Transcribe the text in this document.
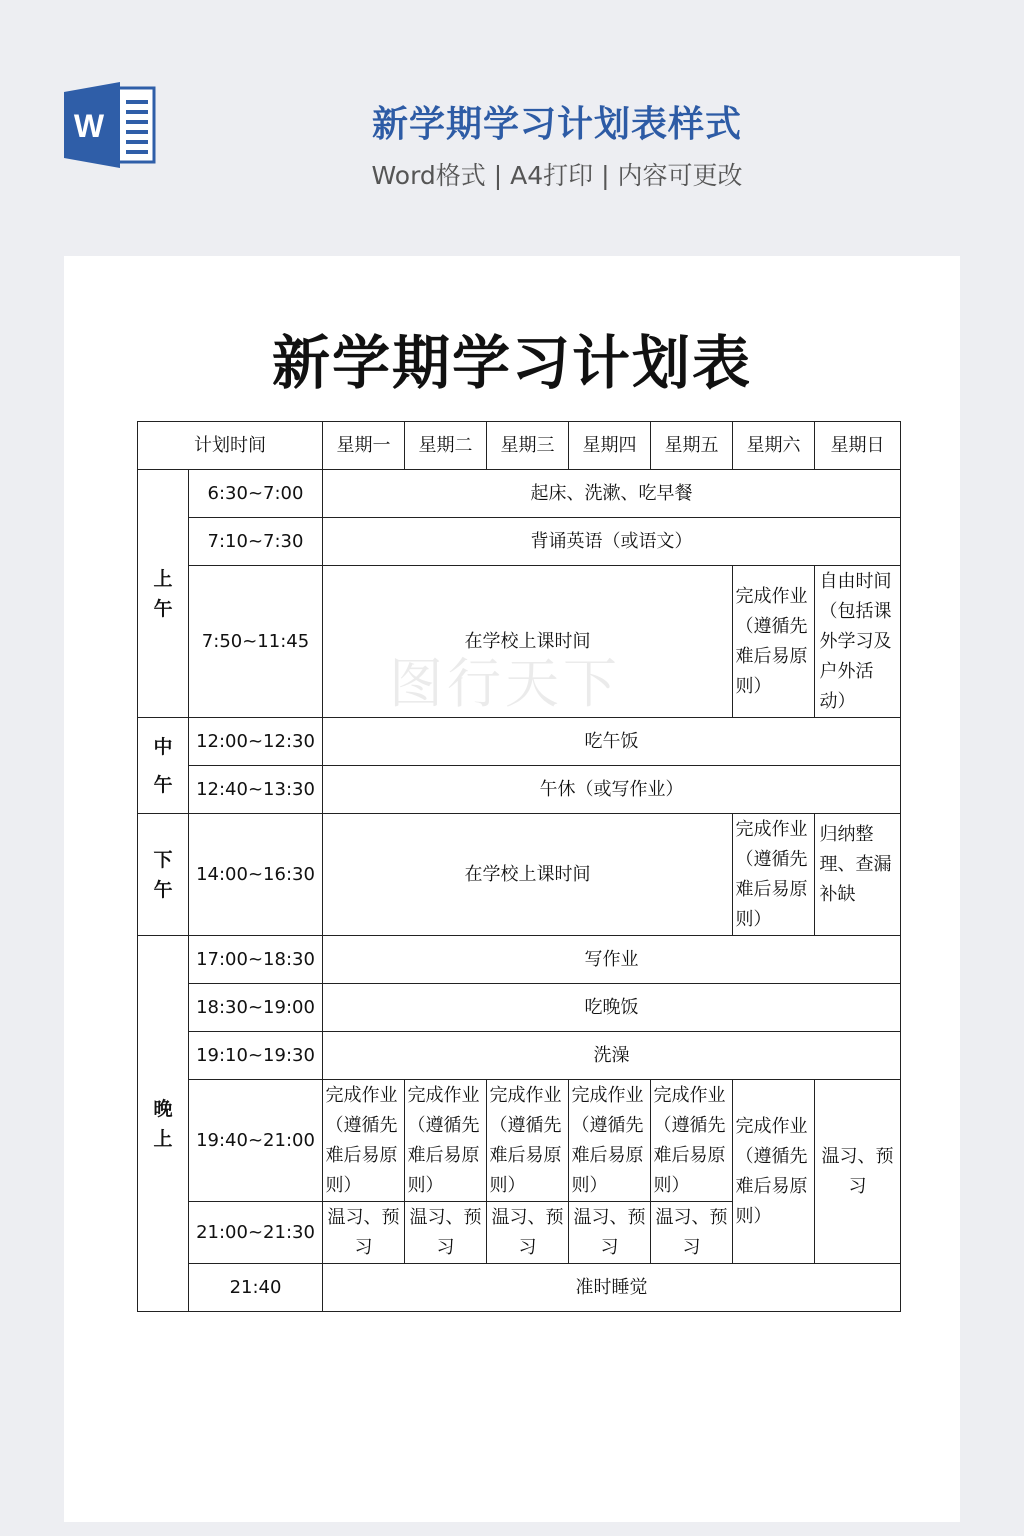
W	新学期学习计划表样式
Word格式 | A4打印 | 内容可更改
新学期学习计划表
计划时间		星期一	星期二	星期三	星期四	星期五	星期六	星期日
上午	6:30~7:00	起床、洗漱、吃早餐						
	7:10~7:30	背诵英语（或语文）						
	7:50~11:45	在学校上课时间					完成作业（遵循先难后易原则）	自由时间（包括课外学习及户外活动）
中午	12:00~12:30	吃午饭						
	12:40~13:30	午休（或写作业）						
下午	14:00~16:30	在学校上课时间					完成作业（遵循先难后易原则）	归纳整理、查漏补缺
晚上	17:00~18:30	写作业						
	18:30~19:00	吃晚饭						
	19:10~19:30	洗澡						
	19:40~21:00	完成作业（遵循先难后易原则）	完成作业（遵循先难后易原则）	完成作业（遵循先难后易原则）	完成作业（遵循先难后易原则）	完成作业（遵循先难后易原则）	完成作业（遵循先难后易原则）	温习、预习
	21:00~21:30	温习、预习	温习、预习	温习、预习	温习、预习	温习、预习		
	21:40	准时睡觉						
图行天下
